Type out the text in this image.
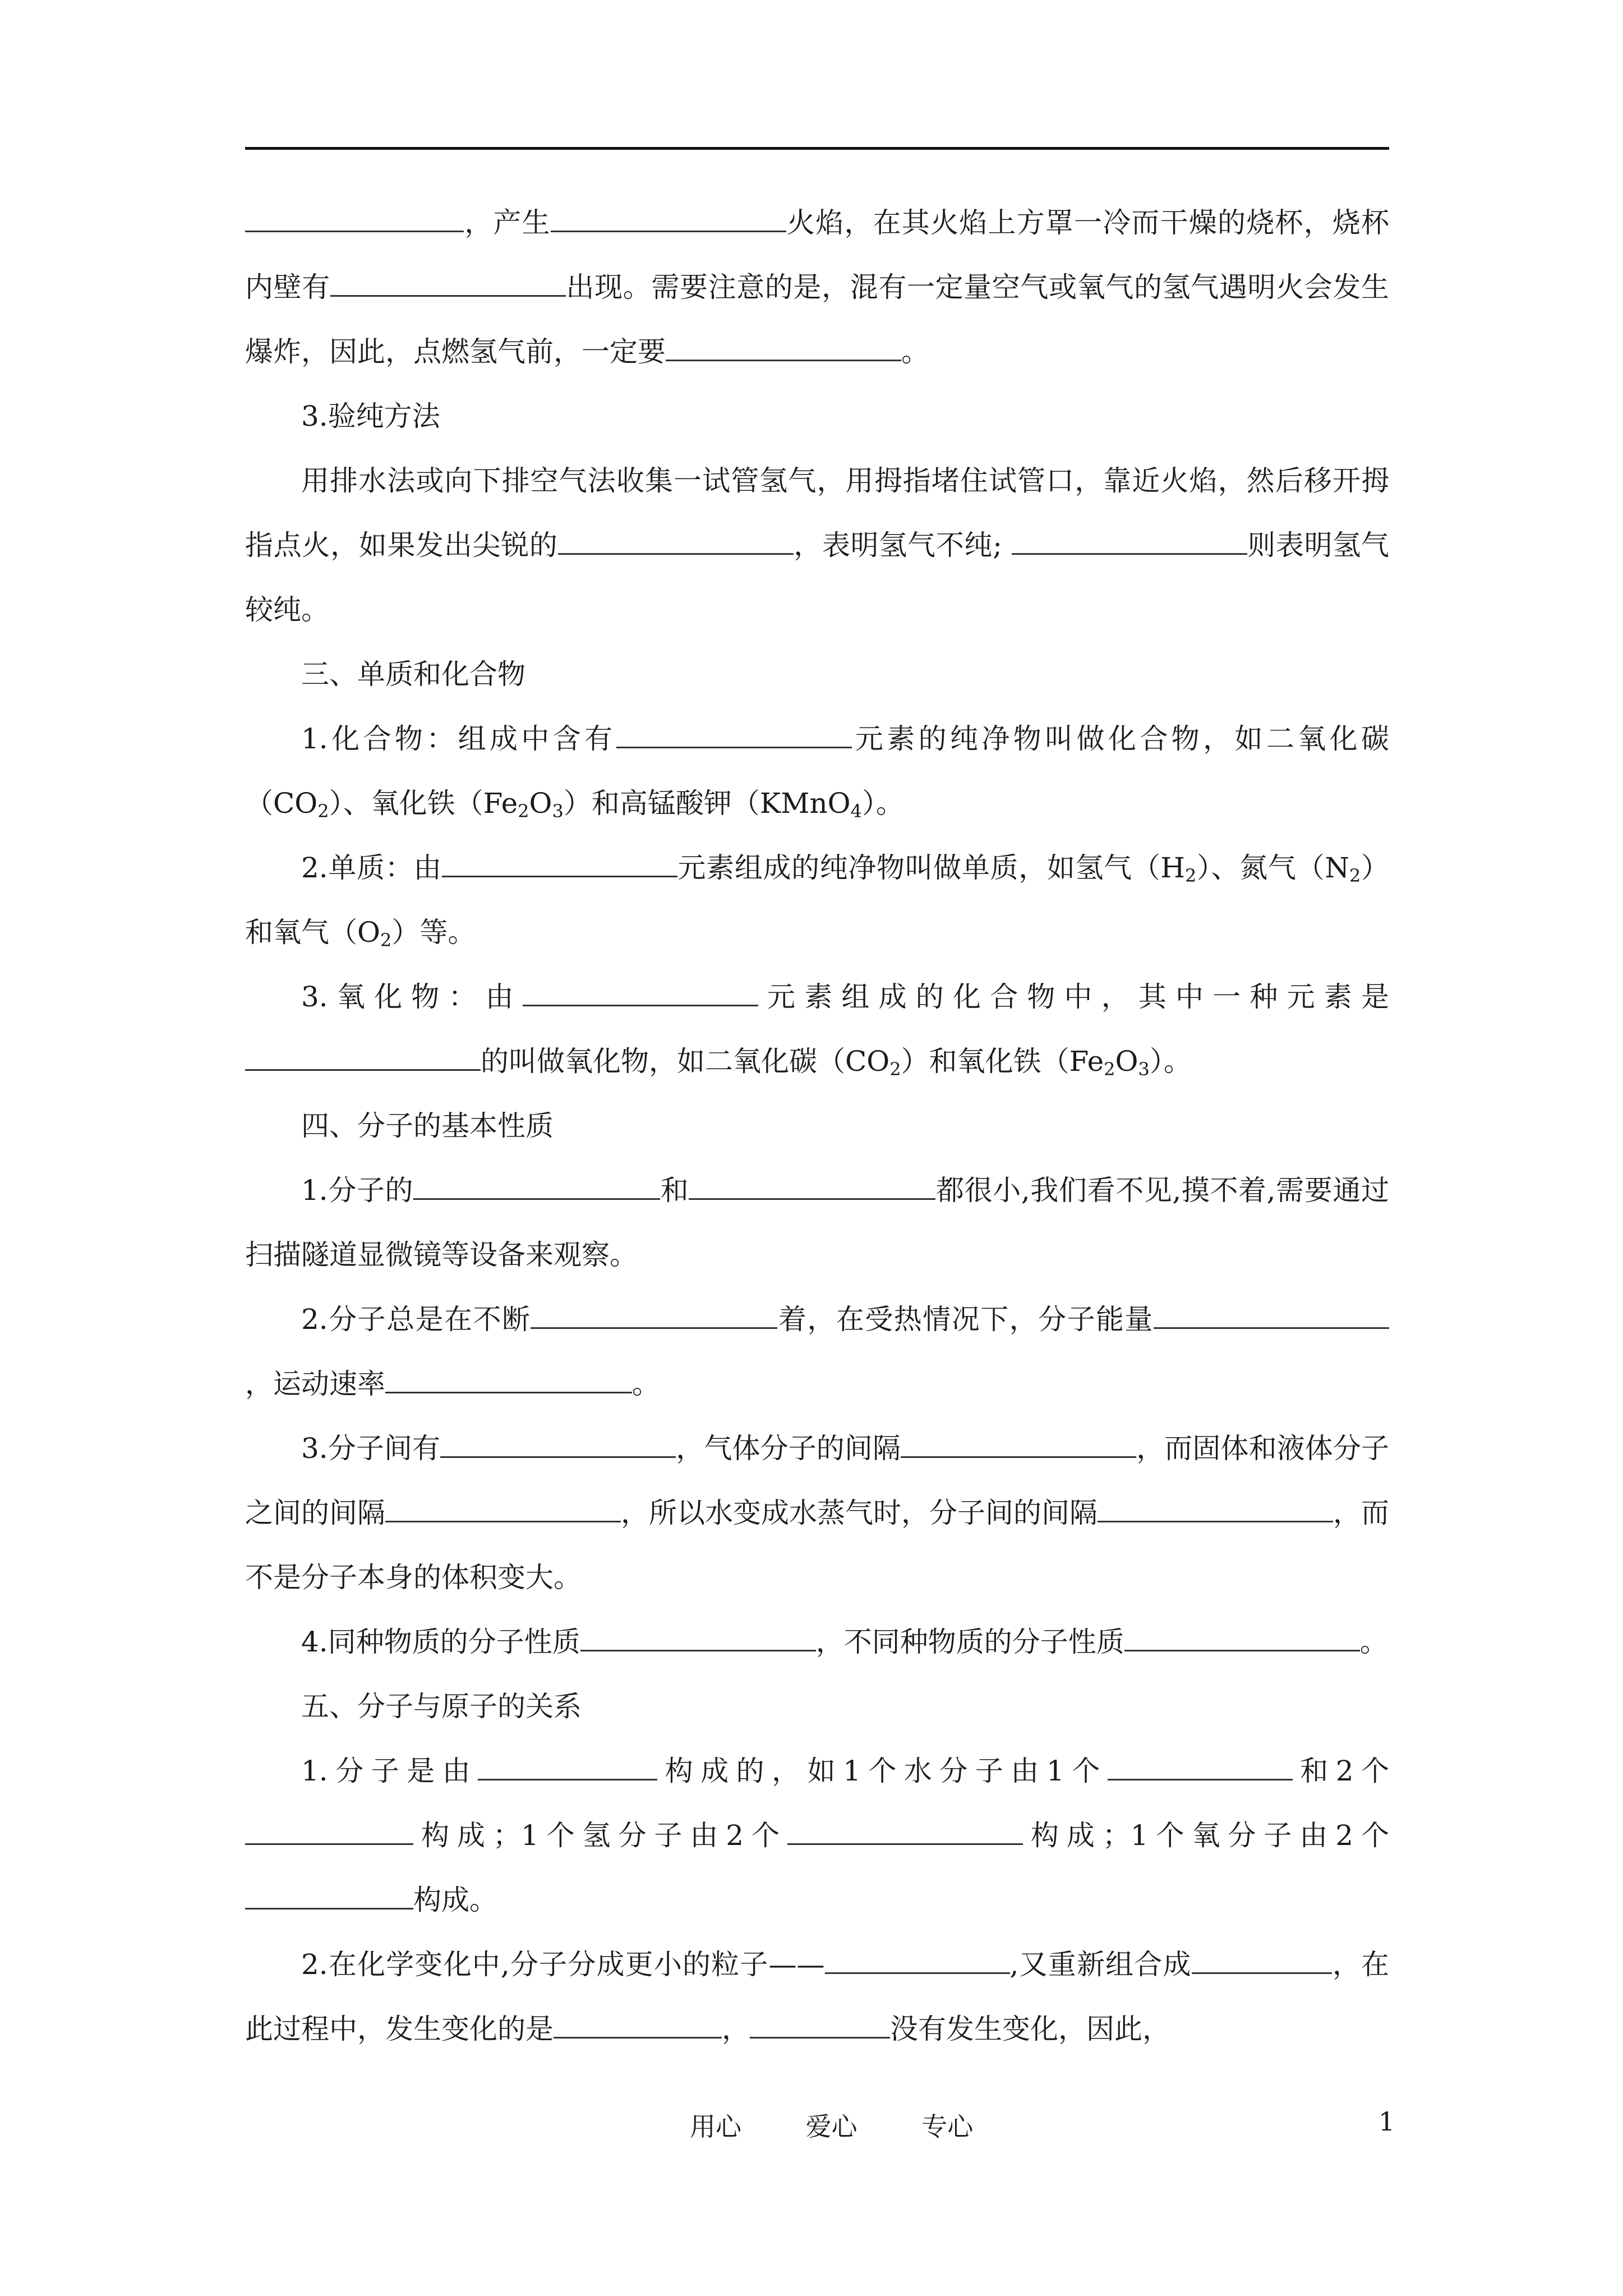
，产生	火焰，在其火焰上方罩一冷而干燥的烧杯，烧杯内壁有	出现。需要注意的是，混有一定量空气或氧气的氢气遇明火会发生爆炸，因此，点燃氢气前，一定要	。

3.验纯方法

用排水法或向下排空气法收集一试管氢气，用拇指堵住试管口，靠近火焰，然后移开拇指点火，如果发出尖锐的	，表明氢气不纯;	则表明氢气较纯。

三、单质和化合物

1.化合物：组成中含有	元素的纯净物叫做化合物，如二氧化碳$(CO_2)$、氧化铁$(Fe_2O_3)$和高锰酸钾（KMnO$_4$）。

2.单质：由	元素组成的纯净物叫做单质，如氢气$(H_2)$、氮气$(N_2)$和氧气$(O_2)$等。

3.氧化物：由	元素组成的化合物中，其中一种元素是的叫做氧化物，如二氧化碳$(CO_2)$和氧化铁$(Fe_2O_3)$。

四、分子的基本性质

1.分子的	和	都很小,我们看不见,摸不着,需要通过扫描隧道显微镜等设备来观察。

2.分子总是在不断	着，在受热情况下，分子能量，运动速率	。

3.分子间有	，气体分子的间隔	，而固体和液体分子之间的间隔	，所以水变成水蒸气时，分子间的间隔	，而不是分子本身的体积变大。

4.同种物质的分子性质	，不同种物质的分子性质	。

五、分子与原子的关系

1.分子是由	构成的，如1个水分子由1个	和2个构成；1个氢分子由2个	构成；1个氧分子由2个构成。

2.在化学变化中,分子分成更小的粒子——	,又重新组合成	，在此过程中，发生变化的是	，	没有发生变化，因此，

用心 爱心 专心	1
